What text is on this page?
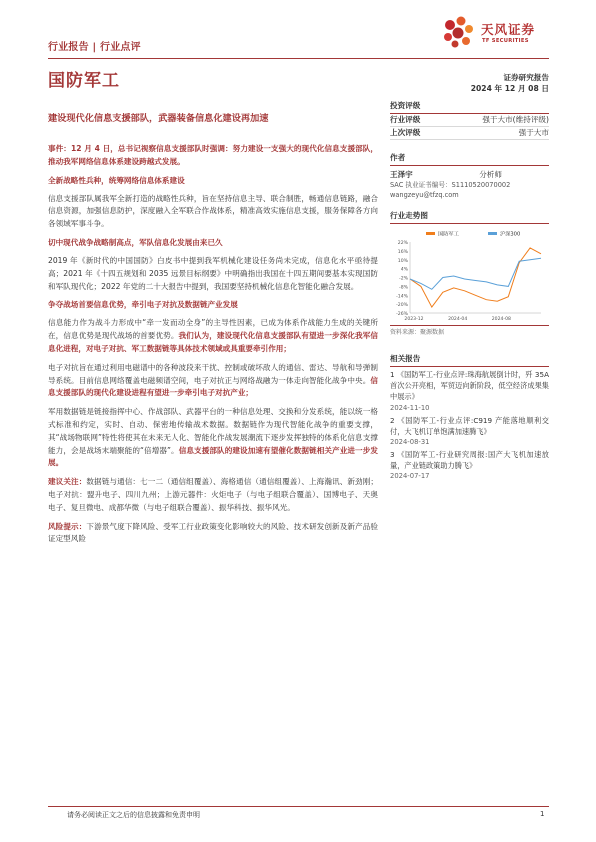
行业报告 | 行业点评
天风证券
TF SECURITIES
国防军工
建设现代化信息支援部队，武器装备信息化建设再加速

事件：12 月 4 日，总书记视察信息支援部队时强调：努力建设一支强大的现代化信息支援部队，推动我军网络信息体系建设跨越式发展。

全新战略性兵种，统筹网络信息体系建设

信息支援部队属我军全新打造的战略性兵种，旨在坚持信息主导、联合制胜，畅通信息链路，融合信息资源，加强信息防护，深度融入全军联合作战体系，精准高效实施信息支援，服务保障各方向各领域军事斗争。

切中现代战争战略制高点，军队信息化发展由来已久

2019 年《新时代的中国国防》白皮书中提到我军机械化建设任务尚未完成，信息化水平亟待提高；2021 年《十四五规划和 2035 远景目标纲要》中明确指出我国在十四五期间要基本实现国防和军队现代化；2022 年党的二十大报告中提到，我国要坚持机械化信息化智能化融合发展。

争夺战场首要信息优势，牵引电子对抗及数据链产业发展

信息能力作为战斗力形成中“牵一发而动全身”的主导性因素，已成为体系作战能力生成的关键所在，信息优势是现代战场的首要优势。我们认为，建设现代化信息支援部队有望进一步深化我军信息化进程，对电子对抗、军工数据链等具体技术领域或具重要牵引作用；

电子对抗旨在通过利用电磁谱中的各种波段来干扰、控制或破坏敌人的通信、雷达、导航和导弹制导系统。目前信息网络覆盖电磁频谱空间，电子对抗正与网络战融为一体走向智能化战争中央。信息支援部队的现代化建设进程有望进一步牵引电子对抗产业；

军用数据链是链接指挥中心、作战部队、武器平台的一种信息处理、交换和分发系统，能以统一格式标准和约定，实时、自动、保密地传输战术数据。数据链作为现代智能化战争的重要支撑，其“战场物联网”特性将使其在未来无人化、智能化作战发展潮流下逐步发挥独特的体系化信息支撑能力，会是战场末端聚能的“倍增器”。信息支援部队的建设加速有望催化数据链相关产业进一步发展。

建议关注：数据链与通信：七一二（通信组覆盖）、海格通信（通信组覆盖）、上海瀚讯、新劲刚；电子对抗：盟升电子、四川九州；上游元器件：火炬电子（与电子组联合覆盖）、国博电子、天奥电子、复旦微电、成都华微（与电子组联合覆盖）、振华科技、振华风光。

风险提示：下游景气度下降风险、受军工行业政策变化影响较大的风险、技术研发创新及新产品验证定型风险

证券研究报告
2024 年 12 月 08 日
投资评级
行业评级	强于大市(维持评级)
上次评级	强于大市
作者
王泽宇	分析师
SAC 执业证书编号：S1110520070002
wangzeyu@tfzq.com
行业走势图
22%
16%
10%
4%
-2%
-8%
-14%
-20%
-26%
2023-12	2024-04	2024-08
国防军工	沪深300
资料来源：聚源数据
相关报告
1 《国防军工-行业点评:珠海航展倒计时，歼 35A 首次公开亮相，军贸迈向新阶段，低空经济成果集中展示》
2024-11-10
2 《国防军工-行业点评:C919 产能落地顺利交付，大飞机订单饱满加速腾飞》
2024-08-31
3 《国防军工-行业研究周报:国产大飞机加速放量，产业链政策助力腾飞》
2024-07-17
请务必阅读正文之后的信息披露和免责申明	1
